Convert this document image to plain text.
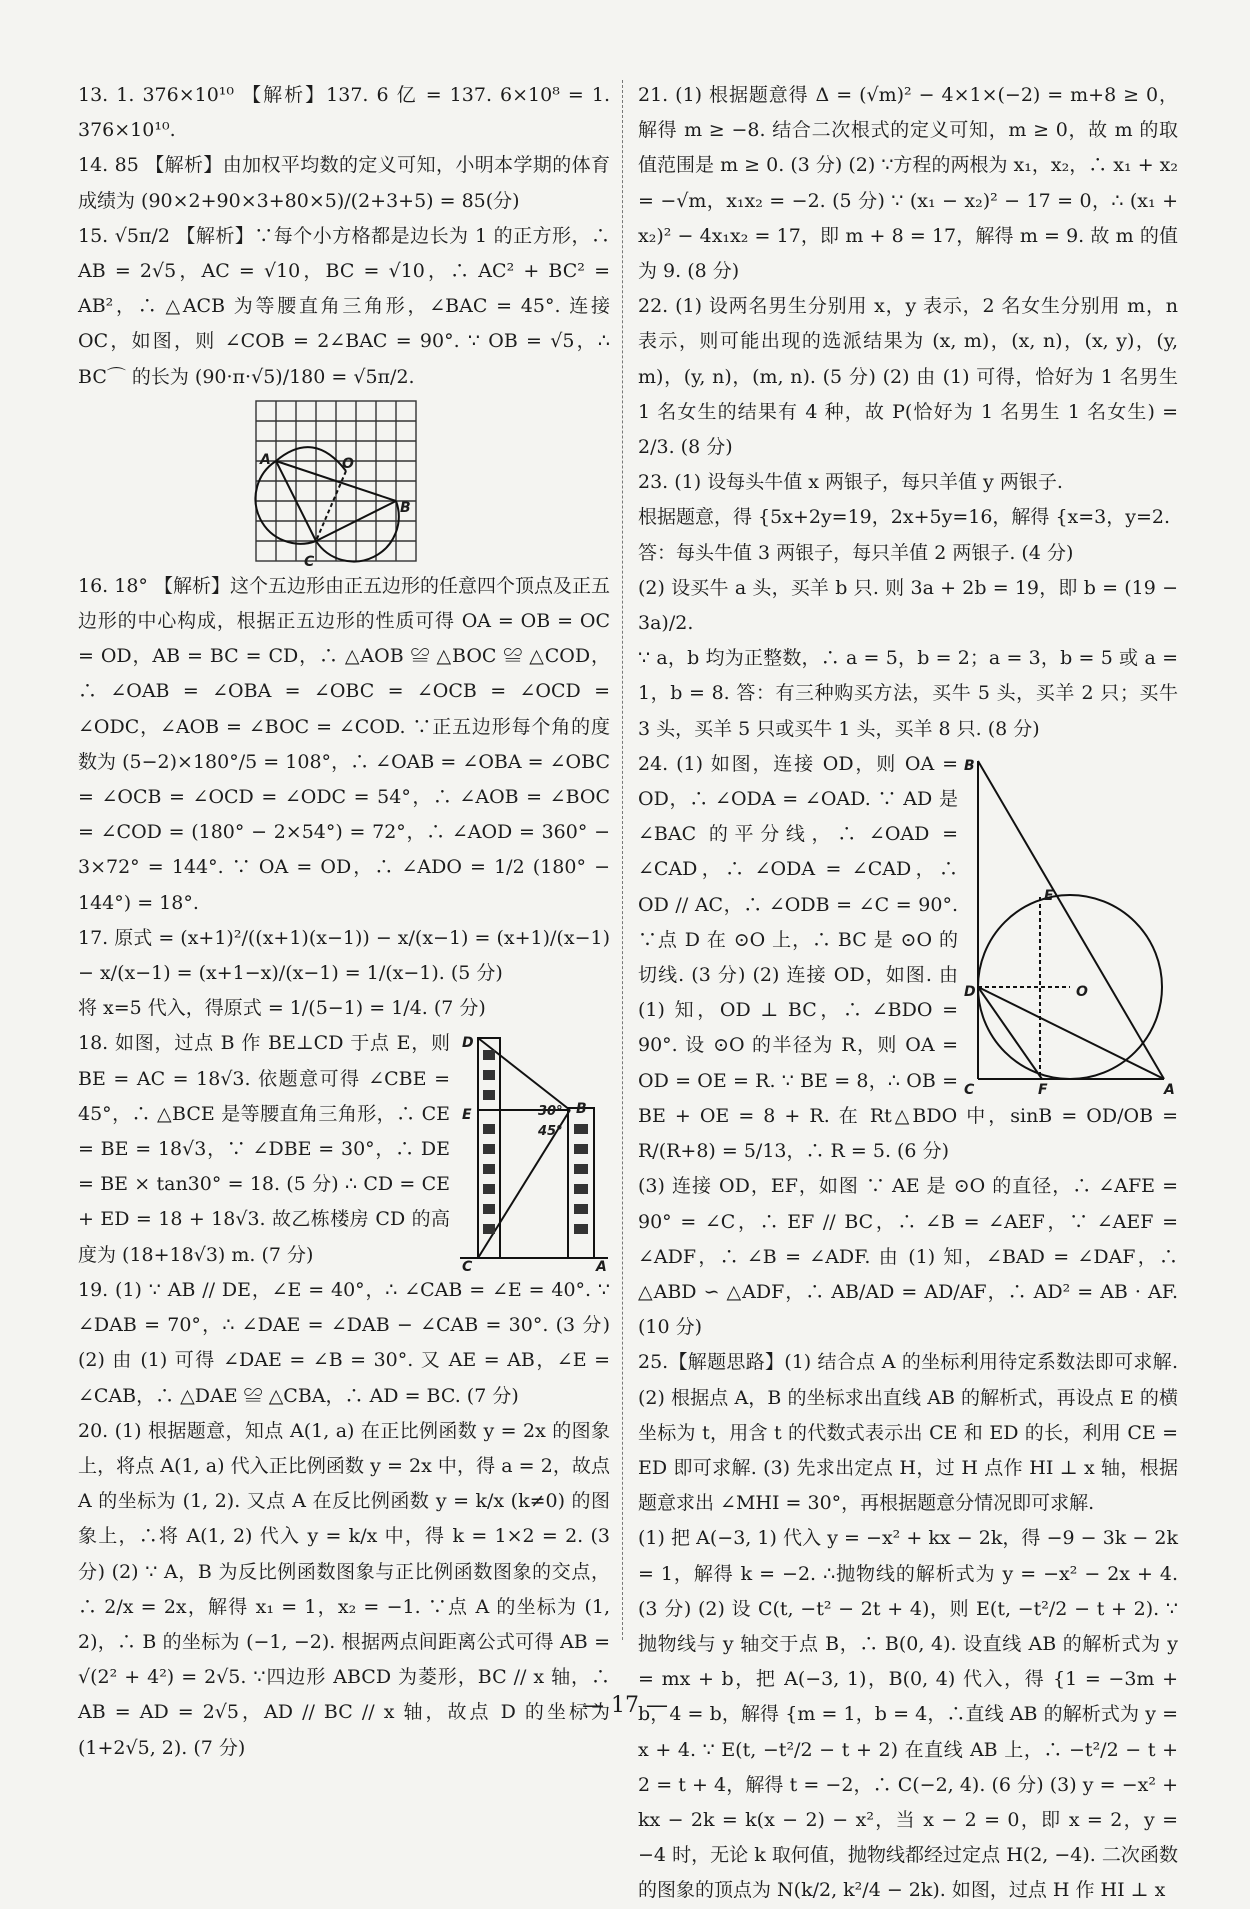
13. 1. 376×10¹⁰ 【解析】137. 6 亿 = 137. 6×10⁸ = 1. 376×10¹⁰.

14. 85 【解析】由加权平均数的定义可知，小明本学期的体育成绩为 (90×2+90×3+80×5)/(2+3+5) = 85(分)

15. √5π/2 【解析】∵每个小方格都是边长为 1 的正方形，∴ AB = 2√5，AC = √10，BC = √10，∴ AC² + BC² = AB²，∴ △ACB 为等腰直角三角形，∠BAC = 45°. 连接 OC，如图，则 ∠COB = 2∠BAC = 90°. ∵ OB = √5，∴ BC⌒ 的长为 (90·π·√5)/180 = √5π/2.

A	O
B
C

16. 18° 【解析】这个五边形由正五边形的任意四个顶点及正五边形的中心构成，根据正五边形的性质可得 OA = OB = OC = OD，AB = BC = CD，∴ △AOB ≌ △BOC ≌ △COD，∴ ∠OAB = ∠OBA = ∠OBC = ∠OCB = ∠OCD = ∠ODC，∠AOB = ∠BOC = ∠COD. ∵正五边形每个角的度数为 (5−2)×180°/5 = 108°，∴ ∠OAB = ∠OBA = ∠OBC = ∠OCB = ∠OCD = ∠ODC = 54°，∴ ∠AOB = ∠BOC = ∠COD = (180° − 2×54°) = 72°，∴ ∠AOD = 360° − 3×72° = 144°. ∵ OA = OD，∴ ∠ADO = 1/2 (180° − 144°) = 18°.

17. 原式 = (x+1)²/((x+1)(x−1)) − x/(x−1) = (x+1)/(x−1) − x/(x−1) = (x+1−x)/(x−1) = 1/(x−1). (5 分)

将 x=5 代入，得原式 = 1/(5−1) = 1/4. (7 分)

D
E	B
30°
45°
C	A

18. 如图，过点 B 作 BE⊥CD 于点 E，则 BE = AC = 18√3. 依题意可得 ∠CBE = 45°，∴ △BCE 是等腰直角三角形，∴ CE = BE = 18√3，∵ ∠DBE = 30°，∴ DE = BE × tan30° = 18. (5 分) ∴ CD = CE + ED = 18 + 18√3. 故乙栋楼房 CD 的高度为 (18+18√3) m. (7 分)

19. (1) ∵ AB // DE，∠E = 40°，∴ ∠CAB = ∠E = 40°. ∵ ∠DAB = 70°，∴ ∠DAE = ∠DAB − ∠CAB = 30°. (3 分) (2) 由 (1) 可得 ∠DAE = ∠B = 30°. 又 AE = AB，∠E = ∠CAB，∴ △DAE ≌ △CBA，∴ AD = BC. (7 分)

20. (1) 根据题意，知点 A(1, a) 在正比例函数 y = 2x 的图象上，将点 A(1, a) 代入正比例函数 y = 2x 中，得 a = 2，故点 A 的坐标为 (1, 2). 又点 A 在反比例函数 y = k/x (k≠0) 的图象上，∴将 A(1, 2) 代入 y = k/x 中，得 k = 1×2 = 2. (3 分) (2) ∵ A，B 为反比例函数图象与正比例函数图象的交点，∴ 2/x = 2x，解得 x₁ = 1，x₂ = −1. ∵点 A 的坐标为 (1, 2)，∴ B 的坐标为 (−1, −2). 根据两点间距离公式可得 AB = √(2² + 4²) = 2√5. ∵四边形 ABCD 为菱形，BC // x 轴，∴ AB = AD = 2√5，AD // BC // x 轴，故点 D 的坐标为 (1+2√5, 2). (7 分)

21. (1) 根据题意得 Δ = (√m)² − 4×1×(−2) = m+8 ≥ 0，解得 m ≥ −8. 结合二次根式的定义可知，m ≥ 0，故 m 的取值范围是 m ≥ 0. (3 分) (2) ∵方程的两根为 x₁，x₂，∴ x₁ + x₂ = −√m，x₁x₂ = −2. (5 分) ∵ (x₁ − x₂)² − 17 = 0，∴ (x₁ + x₂)² − 4x₁x₂ = 17，即 m + 8 = 17，解得 m = 9. 故 m 的值为 9. (8 分)

22. (1) 设两名男生分别用 x，y 表示，2 名女生分别用 m，n 表示，则可能出现的选派结果为 (x, m)，(x, n)，(x, y)，(y, m)，(y, n)，(m, n). (5 分) (2) 由 (1) 可得，恰好为 1 名男生 1 名女生的结果有 4 种，故 P(恰好为 1 名男生 1 名女生) = 2/3. (8 分)

23. (1) 设每头牛值 x 两银子，每只羊值 y 两银子.

根据题意，得 {5x+2y=19，2x+5y=16，解得 {x=3，y=2.

答：每头牛值 3 两银子，每只羊值 2 两银子. (4 分)

(2) 设买牛 a 头，买羊 b 只. 则 3a + 2b = 19，即 b = (19 − 3a)/2.

∵ a，b 均为正整数，∴ a = 5，b = 2；a = 3，b = 5 或 a = 1，b = 8. 答：有三种购买方法，买牛 5 头，买羊 2 只；买牛 3 头，买羊 5 只或买牛 1 头，买羊 8 只. (8 分)

B
E
D	O
C	F	A

24. (1) 如图，连接 OD，则 OA = OD，∴ ∠ODA = ∠OAD. ∵ AD 是 ∠BAC 的平分线，∴ ∠OAD = ∠CAD，∴ ∠ODA = ∠CAD，∴ OD // AC，∴ ∠ODB = ∠C = 90°. ∵点 D 在 ⊙O 上，∴ BC 是 ⊙O 的切线. (3 分) (2) 连接 OD，如图. 由 (1) 知，OD ⊥ BC，∴ ∠BDO = 90°. 设 ⊙O 的半径为 R，则 OA = OD = OE = R. ∵ BE = 8，∴ OB = BE + OE = 8 + R. 在 Rt△BDO 中，sinB = OD/OB = R/(R+8) = 5/13，∴ R = 5. (6 分)

(3) 连接 OD，EF，如图 ∵ AE 是 ⊙O 的直径，∴ ∠AFE = 90° = ∠C，∴ EF // BC，∴ ∠B = ∠AEF，∵ ∠AEF = ∠ADF，∴ ∠B = ∠ADF. 由 (1) 知，∠BAD = ∠DAF，∴ △ABD ∽ △ADF，∴ AB/AD = AD/AF，∴ AD² = AB · AF. (10 分)

25.【解题思路】(1) 结合点 A 的坐标利用待定系数法即可求解. (2) 根据点 A，B 的坐标求出直线 AB 的解析式，再设点 E 的横坐标为 t，用含 t 的代数式表示出 CE 和 ED 的长，利用 CE = ED 即可求解. (3) 先求出定点 H，过 H 点作 HI ⊥ x 轴，根据题意求出 ∠MHI = 30°，再根据题意分情况即可求解.

(1) 把 A(−3, 1) 代入 y = −x² + kx − 2k，得 −9 − 3k − 2k = 1，解得 k = −2. ∴抛物线的解析式为 y = −x² − 2x + 4. (3 分) (2) 设 C(t, −t² − 2t + 4)，则 E(t, −t²/2 − t + 2). ∵抛物线与 y 轴交于点 B，∴ B(0, 4). 设直线 AB 的解析式为 y = mx + b，把 A(−3, 1)，B(0, 4) 代入，得 {1 = −3m + b，4 = b，解得 {m = 1，b = 4，∴直线 AB 的解析式为 y = x + 4. ∵ E(t, −t²/2 − t + 2) 在直线 AB 上，∴ −t²/2 − t + 2 = t + 4，解得 t = −2，∴ C(−2, 4). (6 分) (3) y = −x² + kx − 2k = k(x − 2) − x²，当 x − 2 = 0，即 x = 2，y = −4 时，无论 k 取何值，抛物线都经过定点 H(2, −4). 二次函数的图象的顶点为 N(k/2, k²/4 − 2k). 如图，过点 H 作 HI ⊥ x

— 17 —
